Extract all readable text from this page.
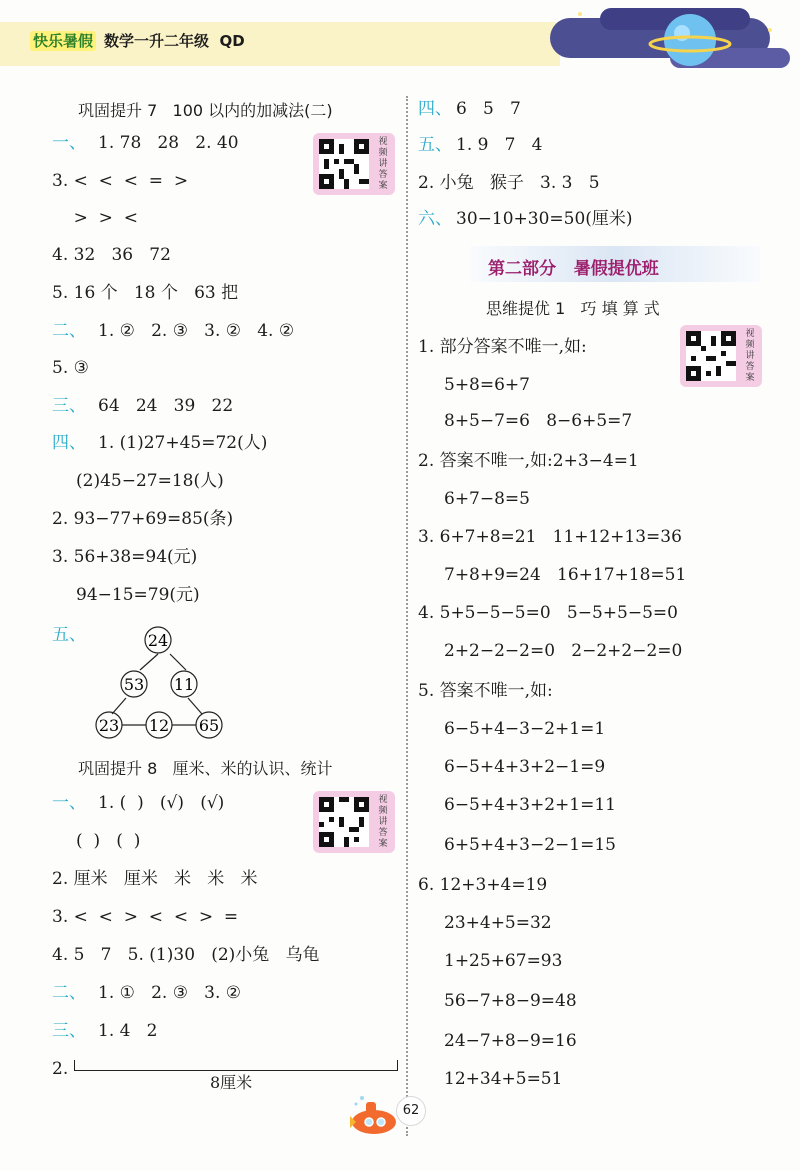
快乐暑假 数学一升二年级  QD
巩固提升 7   100 以内的加减法(二)
视
频
讲
答
案
一、 1. 78   28   2. 40
3. <  <  <  =  >
>  >  <
4. 32   36   72
5. 16 个   18 个   63 把
二、 1. ②   2. ③   3. ②   4. ②
5. ③
三、 64   24   39   22
四、 1. (1)27+45=72(人)
(2)45−27=18(人)
2. 93−77+69=85(条)
3. 56+38=94(元)
94−15=79(元)
五、	24
53 11
23 12 65
巩固提升 8   厘米、米的认识、统计
视
频
讲
答
案
一、 1. (  )   (√)   (√)
(  )   (  )
2. 厘米   厘米   米   米   米
3. <  <  >  <  <  >  =
4. 5   7   5. (1)30   (2)小兔   乌龟
二、 1. ①   2. ③   3. ②
三、 1. 4   2
2.
8厘米
四、 6   5   7
五、 1. 9   7   4
2. 小兔   猴子   3. 3   5
六、 30−10+30=50(厘米)
第二部分   暑假提优班
思维提优 1   巧 填 算 式
视
频
讲
答
案
1. 部分答案不唯一,如:
5+8=6+7
8+5−7=6   8−6+5=7
2. 答案不唯一,如:2+3−4=1
6+7−8=5
3. 6+7+8=21   11+12+13=36
7+8+9=24   16+17+18=51
4. 5+5−5−5=0   5−5+5−5=0
2+2−2−2=0   2−2+2−2=0
5. 答案不唯一,如:
6−5+4−3−2+1=1
6−5+4+3+2−1=9
6−5+4+3+2+1=11
6+5+4+3−2−1=15
6. 12+3+4=19
23+4+5=32
1+25+67=93
56−7+8−9=48
24−7+8−9=16
12+34+5=51
62
